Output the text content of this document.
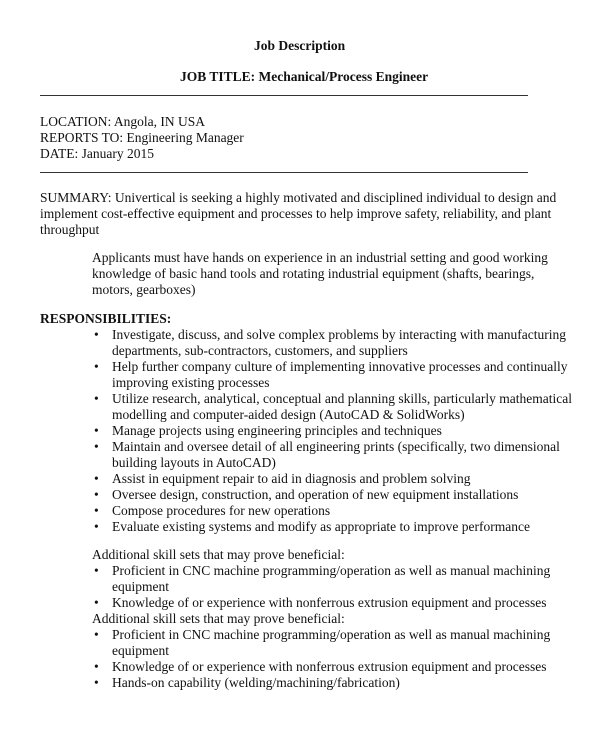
Job Description
JOB TITLE: Mechanical/Process Engineer
LOCATION: Angola, IN USA
REPORTS TO: Engineering Manager
DATE: January 2015
SUMMARY: Univertical is seeking a highly motivated and disciplined individual to design and
implement cost-effective equipment and processes to help improve safety, reliability, and plant
throughput
Applicants must have hands on experience in an industrial setting and good working
knowledge of basic hand tools and rotating industrial equipment (shafts, bearings,
motors, gearboxes)
RESPONSIBILITIES:
• Investigate, discuss, and solve complex problems by interacting with manufacturing
departments, sub-contractors, customers, and suppliers
• Help further company culture of implementing innovative processes and continually
improving existing processes
• Utilize research, analytical, conceptual and planning skills, particularly mathematical
modelling and computer-aided design (AutoCAD & SolidWorks)
• Manage projects using engineering principles and techniques
• Maintain and oversee detail of all engineering prints (specifically, two dimensional
building layouts in AutoCAD)
• Assist in equipment repair to aid in diagnosis and problem solving
• Oversee design, construction, and operation of new equipment installations
• Compose procedures for new operations
• Evaluate existing systems and modify as appropriate to improve performance
Additional skill sets that may prove beneficial:
• Proficient in CNC machine programming/operation as well as manual machining
equipment
• Knowledge of or experience with nonferrous extrusion equipment and processes
Additional skill sets that may prove beneficial:
• Proficient in CNC machine programming/operation as well as manual machining
equipment
• Knowledge of or experience with nonferrous extrusion equipment and processes
• Hands-on capability (welding/machining/fabrication)
